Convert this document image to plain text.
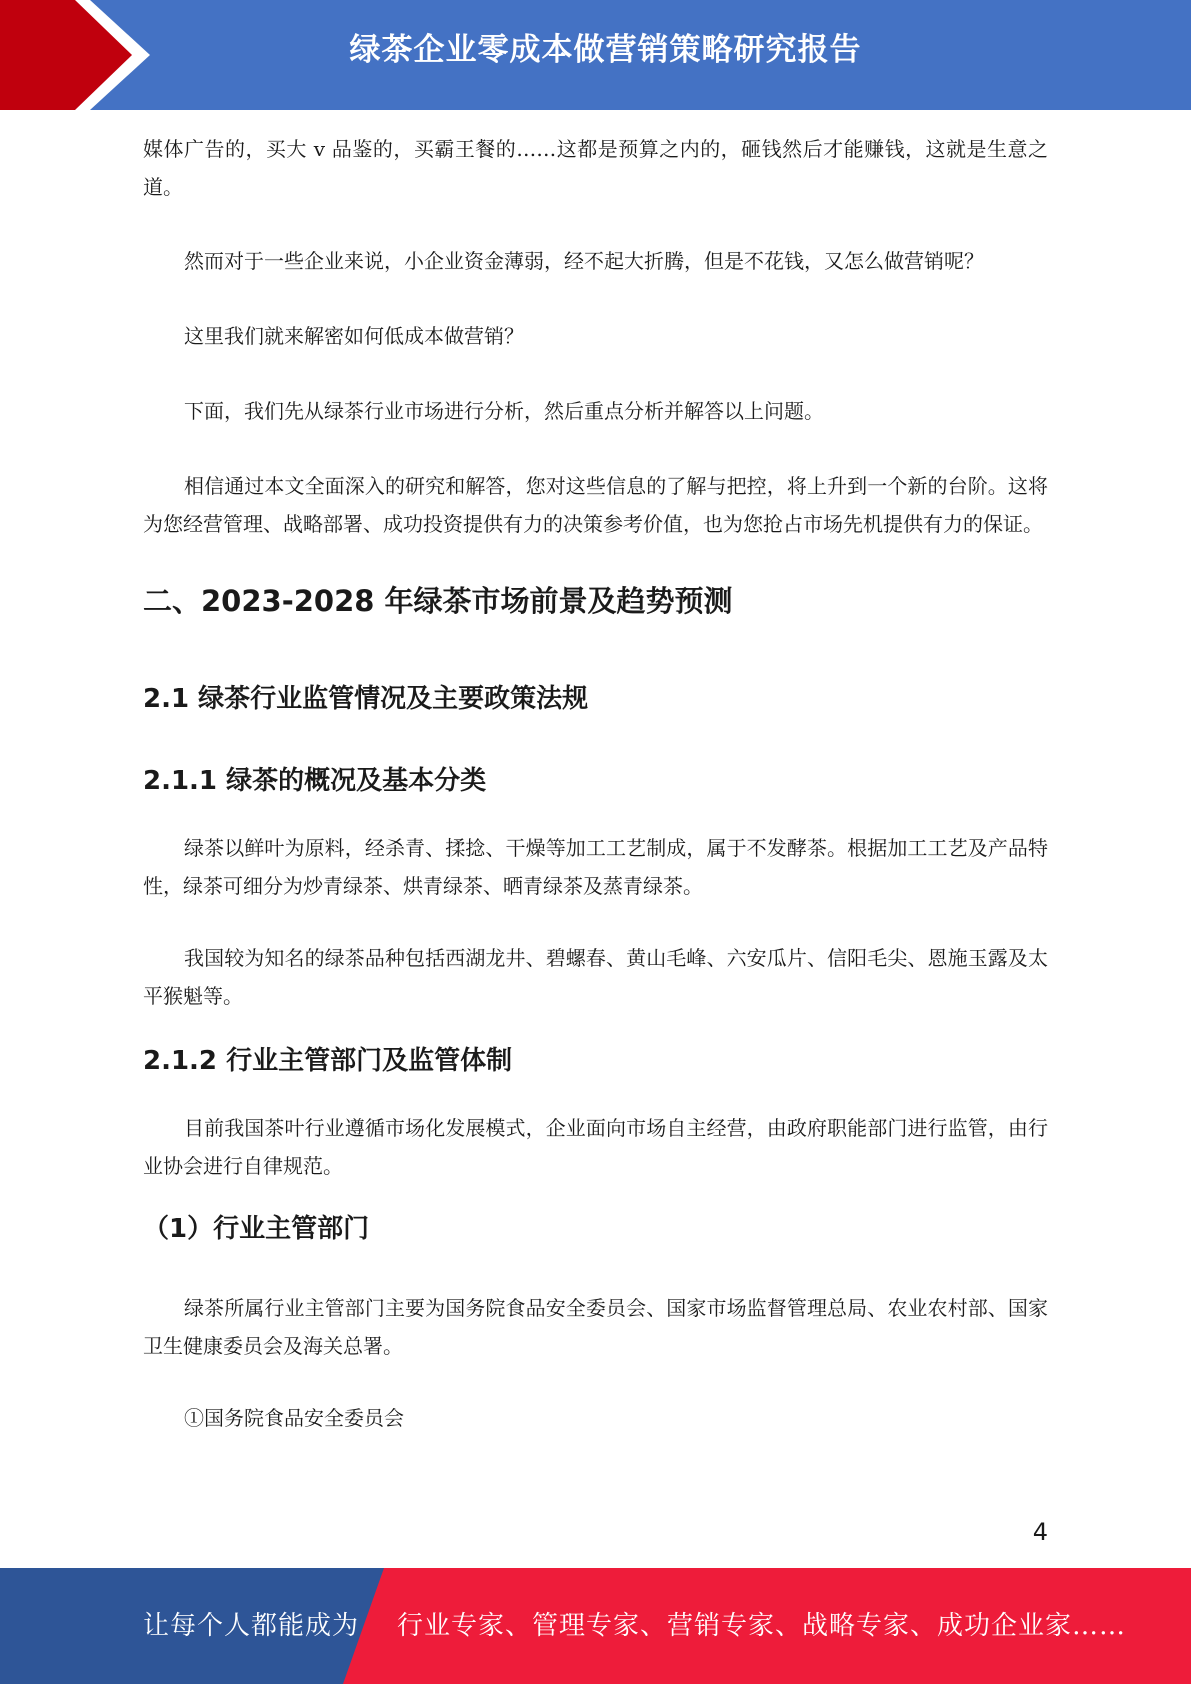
绿茶企业零成本做营销策略研究报告

媒体广告的，买大 v 品鉴的，买霸王餐的……这都是预算之内的，砸钱然后才能赚钱，这就是生意之道。

然而对于一些企业来说，小企业资金薄弱，经不起大折腾，但是不花钱，又怎么做营销呢？

这里我们就来解密如何低成本做营销？

下面，我们先从绿茶行业市场进行分析，然后重点分析并解答以上问题。

相信通过本文全面深入的研究和解答，您对这些信息的了解与把控，将上升到一个新的台阶。这将为您经营管理、战略部署、成功投资提供有力的决策参考价值，也为您抢占市场先机提供有力的保证。

二、2023-2028 年绿茶市场前景及趋势预测
2.1 绿茶行业监管情况及主要政策法规
2.1.1 绿茶的概况及基本分类

绿茶以鲜叶为原料，经杀青、揉捻、干燥等加工工艺制成，属于不发酵茶。根据加工工艺及产品特性，绿茶可细分为炒青绿茶、烘青绿茶、晒青绿茶及蒸青绿茶。

我国较为知名的绿茶品种包括西湖龙井、碧螺春、黄山毛峰、六安瓜片、信阳毛尖、恩施玉露及太平猴魁等。

2.1.2 行业主管部门及监管体制

目前我国茶叶行业遵循市场化发展模式，企业面向市场自主经营，由政府职能部门进行监管，由行业协会进行自律规范。

（1）行业主管部门

绿茶所属行业主管部门主要为国务院食品安全委员会、国家市场监督管理总局、农业农村部、国家卫生健康委员会及海关总署。

①国务院食品安全委员会

4
让每个人都能成为 行业专家、管理专家、营销专家、战略专家、成功企业家……
